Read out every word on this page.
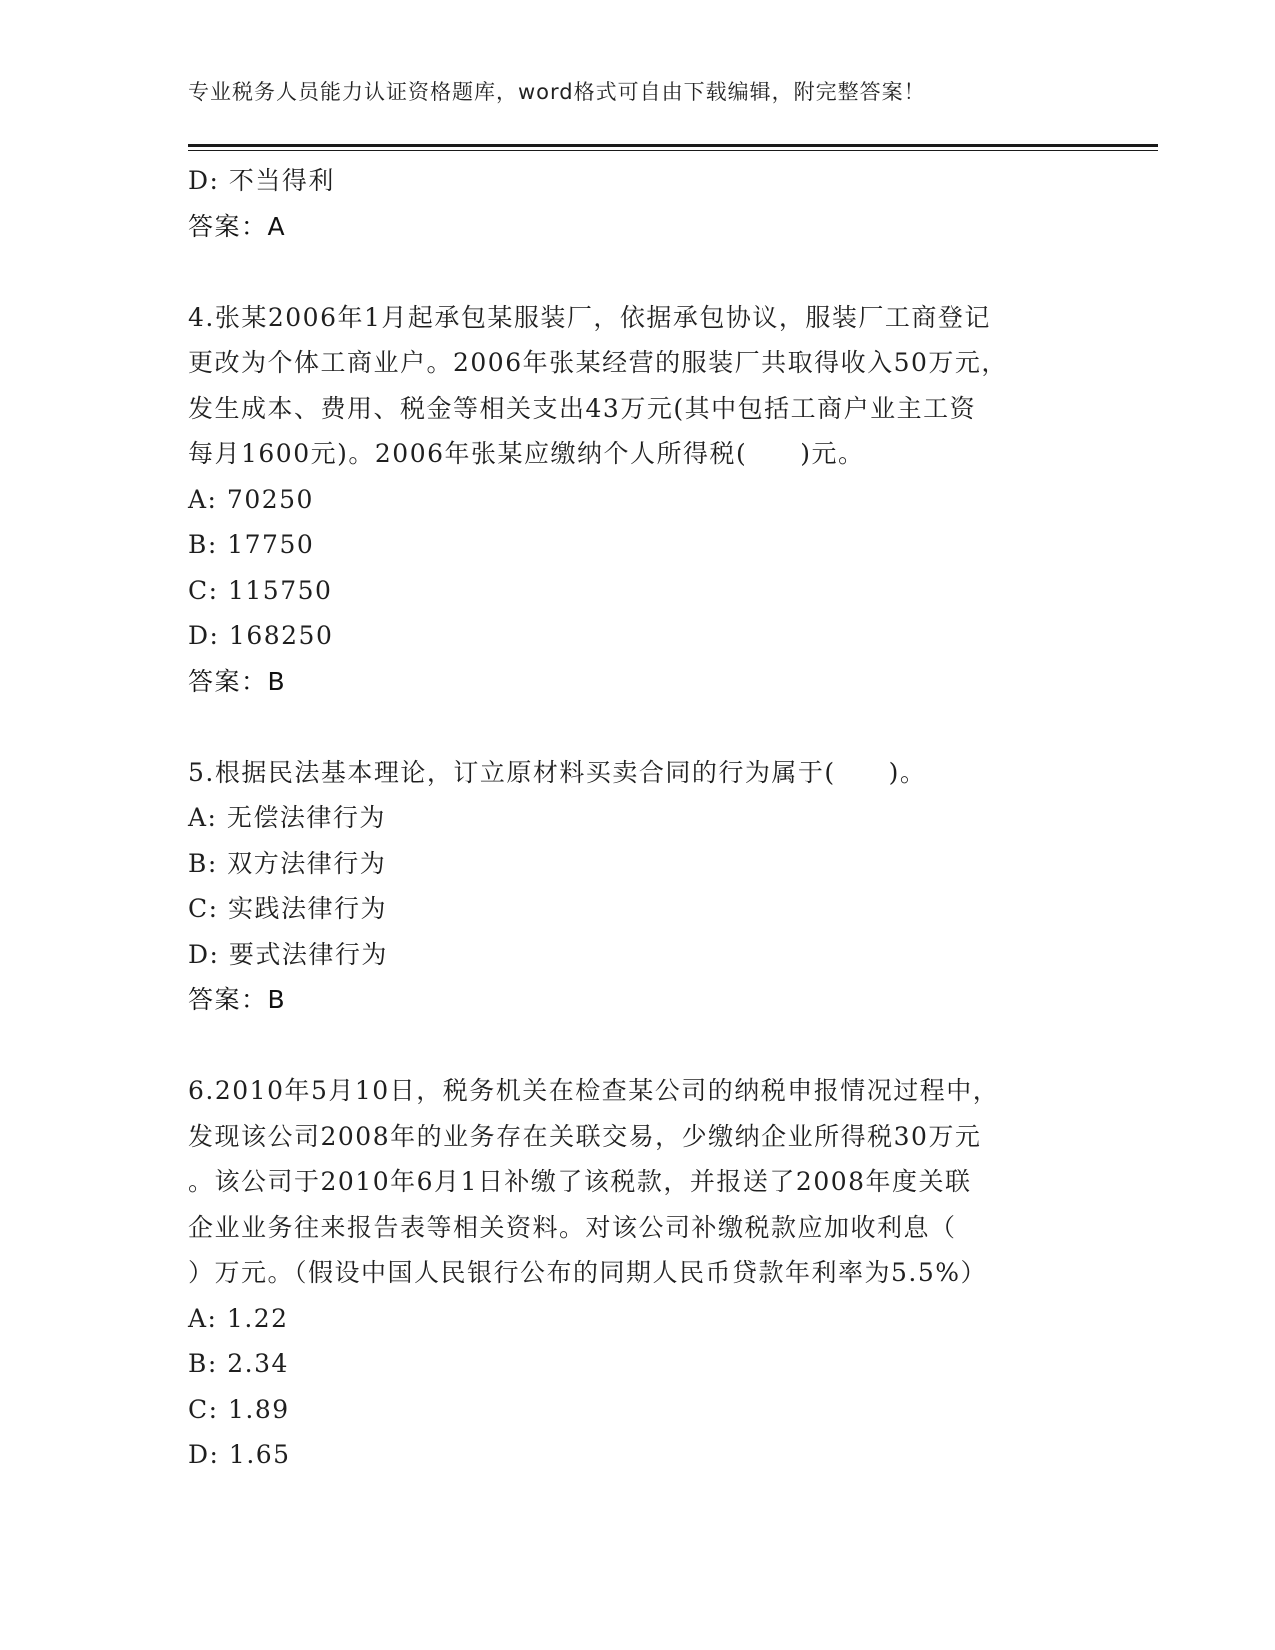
专业税务人员能力认证资格题库，word格式可自由下载编辑，附完整答案！
D: 不当得利
答案：A
4.张某2006年1月起承包某服装厂，依据承包协议，服装厂工商登记
更改为个体工商业户。2006年张某经营的服装厂共取得收入50万元，
发生成本、费用、税金等相关支出43万元(其中包括工商户业主工资
每月1600元)。2006年张某应缴纳个人所得税(　　)元。
A: 70250
B: 17750
C: 115750
D: 168250
答案：B
5.根据民法基本理论，订立原材料买卖合同的行为属于(　　)。
A: 无偿法律行为
B: 双方法律行为
C: 实践法律行为
D: 要式法律行为
答案：B
6.2010年5月10日，税务机关在检查某公司的纳税申报情况过程中，
发现该公司2008年的业务存在关联交易，少缴纳企业所得税30万元
。该公司于2010年6月1日补缴了该税款，并报送了2008年度关联
企业业务往来报告表等相关资料。对该公司补缴税款应加收利息（
）万元。（假设中国人民银行公布的同期人民币贷款年利率为5.5%）
A: 1.22
B: 2.34
C: 1.89
D: 1.65
